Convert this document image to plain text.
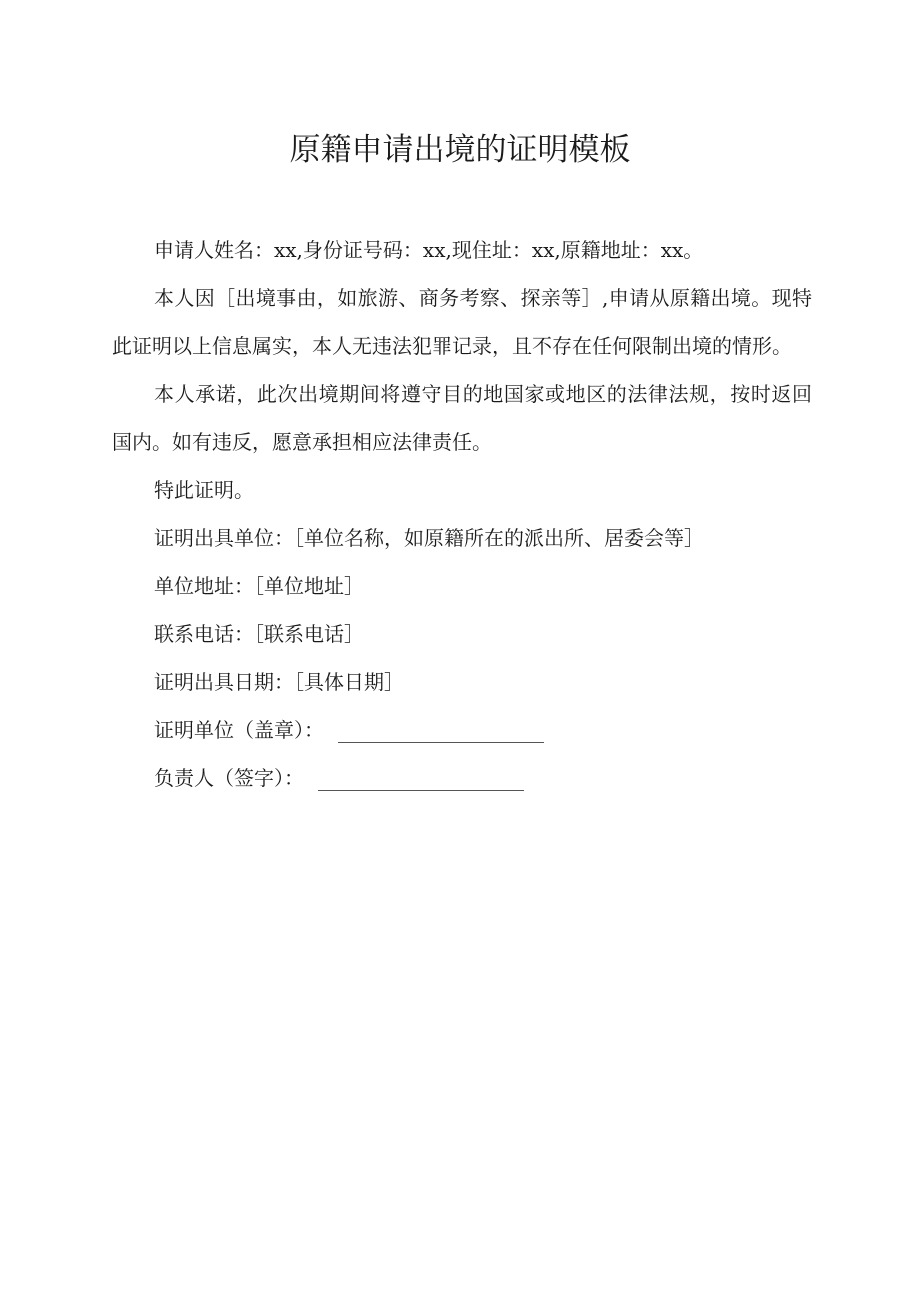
原籍申请出境的证明模板

申请人姓名：xx,身份证号码：xx,现住址：xx,原籍地址：xx。

本人因［出境事由，如旅游、商务考察、探亲等］,申请从原籍出境。现特此证明以上信息属实，本人无违法犯罪记录，且不存在任何限制出境的情形。

本人承诺，此次出境期间将遵守目的地国家或地区的法律法规，按时返回国内。如有违反，愿意承担相应法律责任。

特此证明。

证明出具单位：［单位名称，如原籍所在的派出所、居委会等］

单位地址：［单位地址］

联系电话：［联系电话］

证明出具日期：［具体日期］

证明单位（盖章）：

负责人（签字）：
